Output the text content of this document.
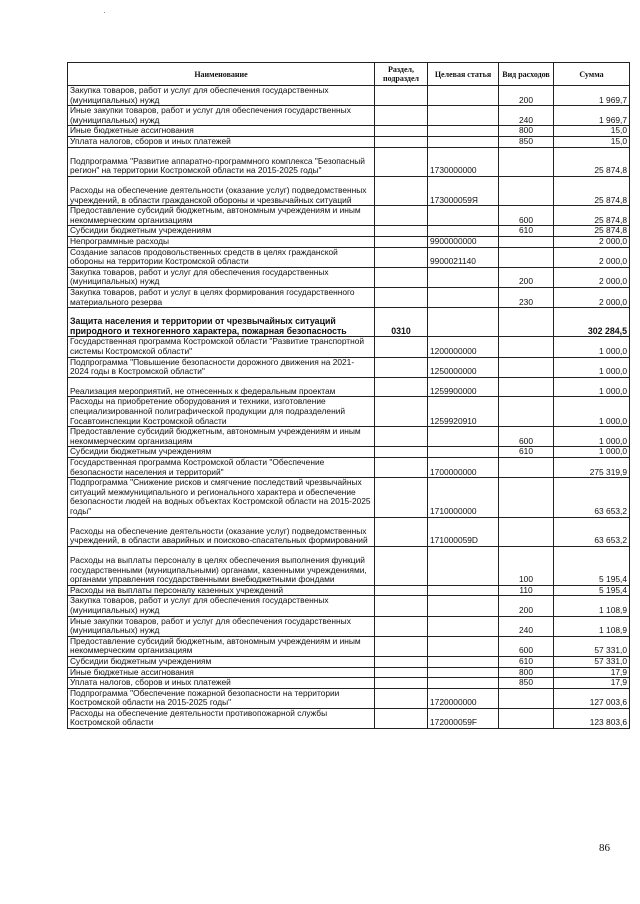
Наименование	Раздел, подраздел	Целевая статья	Вид расходов	Сумма
Закупка товаров, работ и услуг для обеспечения государственных (муниципальных) нужд			200	1 969,7
Иные закупки товаров, работ и услуг для обеспечения государственных (муниципальных) нужд			240	1 969,7
Иные бюджетные ассигнования			800	15,0
Уплата налогов, сборов и иных платежей			850	15,0
Подпрограмма "Развитие аппаратно-программного комплекса "Безопасный регион" на территории Костромской области на 2015-2025 годы"		1730000000		25 874,8
Расходы на обеспечение деятельности (оказание услуг) подведомственных учреждений, в области гражданской обороны и чрезвычайных ситуаций		173000059Я		25 874,8
Предоставление субсидий бюджетным, автономным учреждениям и иным некоммерческим организациям			600	25 874,8
Субсидии бюджетным учреждениям			610	25 874,8
Непрограммные расходы		9900000000		2 000,0
Создание запасов продовольственных средств в целях гражданской обороны на территории Костромской области		9900021140		2 000,0
Закупка товаров, работ и услуг для обеспечения государственных (муниципальных) нужд			200	2 000,0
Закупка товаров, работ и услуг в целях формирования государственного материального резерва			230	2 000,0
Защита населения и территории от чрезвычайных ситуаций природного и техногенного характера, пожарная безопасность	0310			302 284,5
Государственная программа Костромской области "Развитие транспортной системы Костромской области"		1200000000		1 000,0
Подпрограмма "Повышение безопасности дорожного движения на 2021-2024 годы в Костромской области"		1250000000		1 000,0
Реализация мероприятий, не отнесенных к федеральным проектам		1259900000		1 000,0
Расходы на приобретение оборудования и техники, изготовление специализированной полиграфической продукции для подразделений Госавтоинспекции Костромской области		1259920910		1 000,0
Предоставление субсидий бюджетным, автономным учреждениям и иным некоммерческим организациям			600	1 000,0
Субсидии бюджетным учреждениям			610	1 000,0
Государственная программа Костромской области "Обеспечение безопасности населения и территорий"		1700000000		275 319,9
Подпрограмма "Снижение рисков и смягчение последствий чрезвычайных ситуаций межмуниципального и регионального характера и обеспечение безопасности людей на водных объектах Костромской области на 2015-2025 годы"		1710000000		63 653,2
Расходы на обеспечение деятельности (оказание услуг) подведомственных учреждений, в области аварийных и поисково-спасательных формирований		171000059D		63 653,2
Расходы на выплаты персоналу в целях обеспечения выполнения функций государственными (муниципальными) органами, казенными учреждениями, органами управления государственными внебюджетными фондами			100	5 195,4
Расходы на выплаты персоналу казенных учреждений			110	5 195,4
Закупка товаров, работ и услуг для обеспечения государственных (муниципальных) нужд			200	1 108,9
Иные закупки товаров, работ и услуг для обеспечения государственных (муниципальных) нужд			240	1 108,9
Предоставление субсидий бюджетным, автономным учреждениям и иным некоммерческим организациям			600	57 331,0
Субсидии бюджетным учреждениям			610	57 331,0
Иные бюджетные ассигнования			800	17,9
Уплата налогов, сборов и иных платежей			850	17,9
Подпрограмма "Обеспечение пожарной безопасности на территории Костромской области на 2015-2025 годы"		1720000000		127 003,6
Расходы на обеспечение деятельности противопожарной службы Костромской области		172000059F		123 803,6
86
